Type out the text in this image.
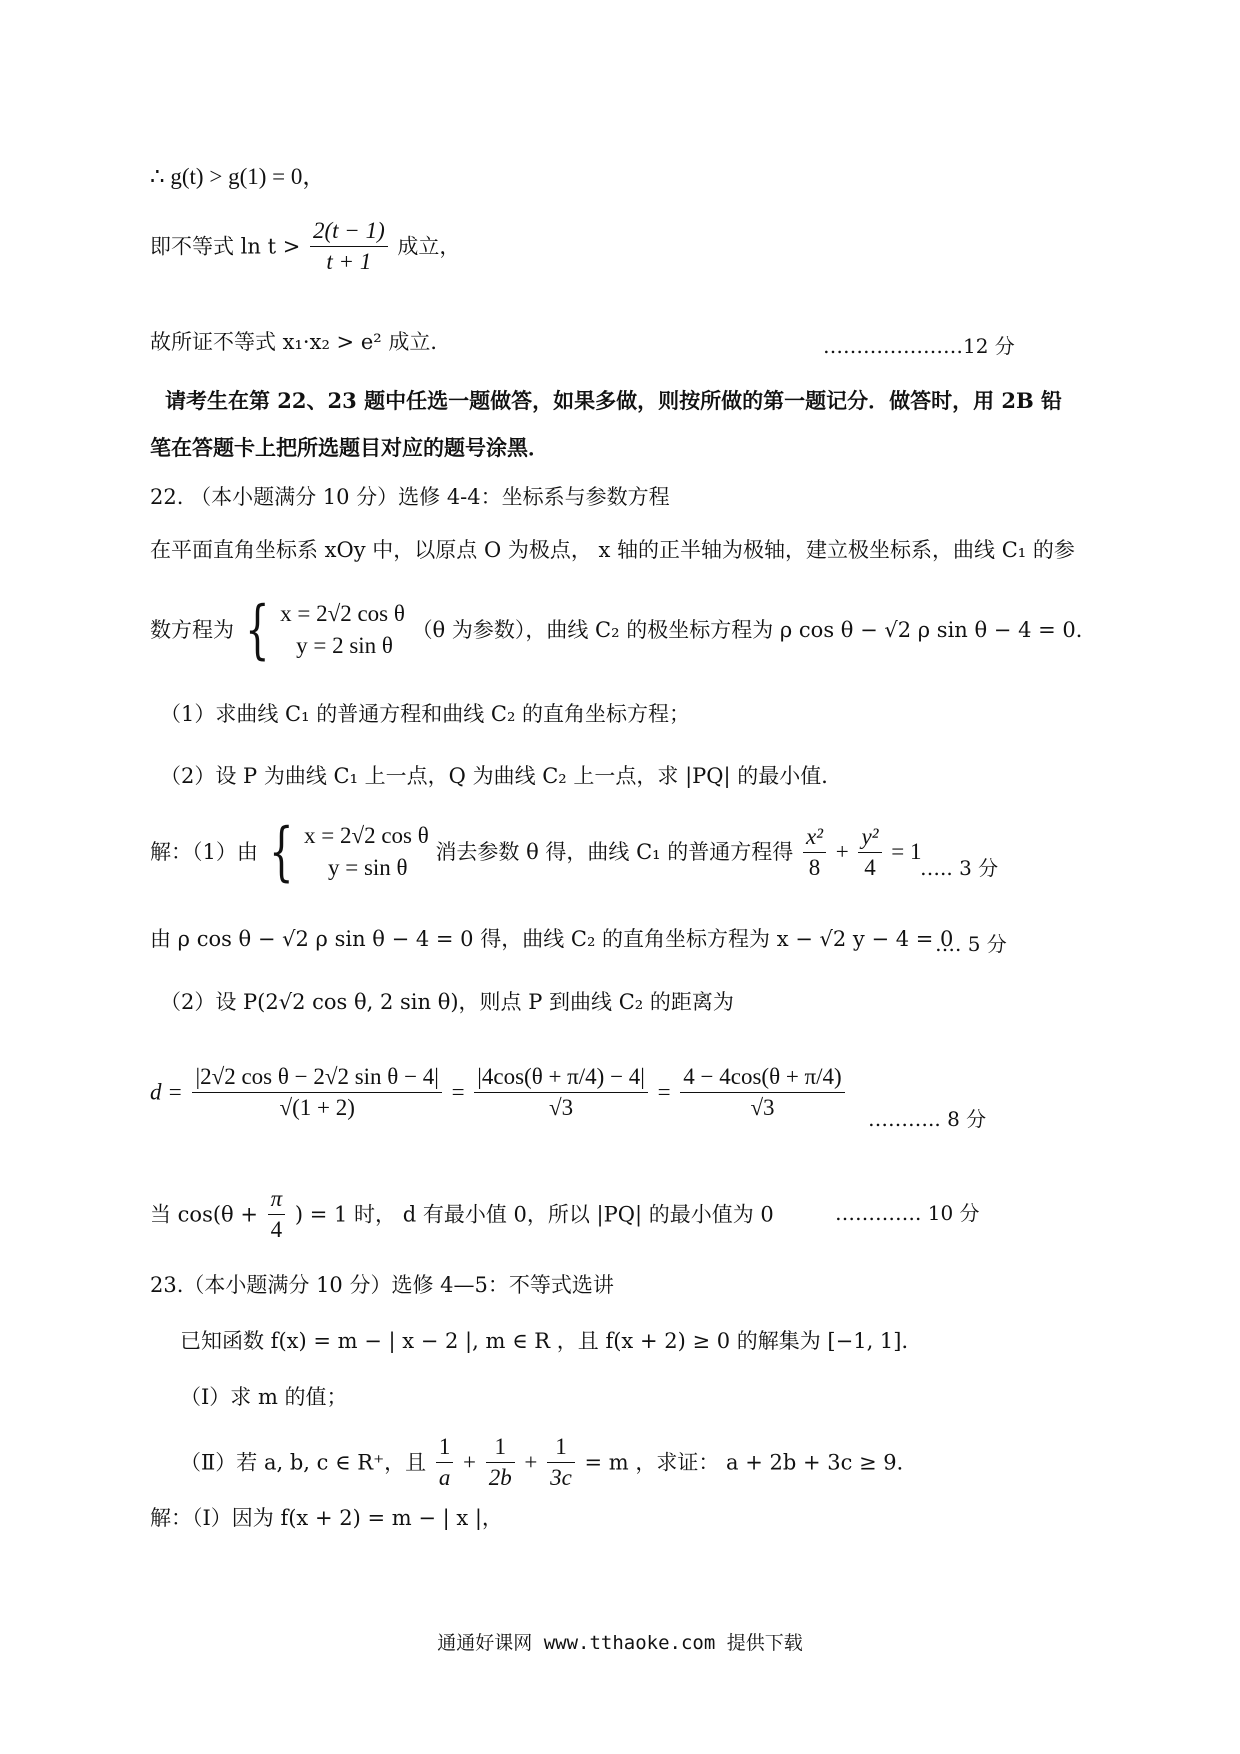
∴ g(t) > g(1) = 0，
即不等式 $\ln t > \frac{2(t - 1)}{t + 1}$ 成立，
故所证不等式 x₁·x₂ > e² 成立．	…………………12 分
请考生在第 22、23 题中任选一题做答，如果多做，则按所做的第一题记分．做答时，用 2B 铅
笔在答题卡上把所选题目对应的题号涂黑．
22. （本小题满分 10 分）选修 4-4：坐标系与参数方程
在平面直角坐标系 xOy 中，以原点 O 为极点， x 轴的正半轴为极轴，建立极坐标系，曲线 C₁ 的参
数方程为 { x = 2√2 cos θ
y = 2 sin θ
（θ 为参数），曲线 C₂ 的极坐标方程为 ρ cos θ − √2 ρ sin θ − 4 = 0．
（1）求曲线 C₁ 的普通方程和曲线 C₂ 的直角坐标方程；
（2）设 P 为曲线 C₁ 上一点，Q 为曲线 C₂ 上一点，求 |PQ| 的最小值．
解：（1）由 { x = 2√2 cos θ
y = sin θ
消去参数 θ 得，曲线 C₁ 的普通方程得 $\frac{\text{x²}}{8} + \frac{\text{y²}}{4} = 1$
….. 3 分
由 ρ cos θ − √2 ρ sin θ − 4 = 0 得，曲线 C₂ 的直角坐标方程为 x − √2 y − 4 = 0
…. 5 分
（2）设 P(2√2 cos θ, 2 sin θ)，则点 P 到曲线 C₂ 的距离为
$d = \frac{\text{|2√2 cos θ − 2√2 sin θ − 4|}}{√(1 + 2)} = \frac{|4\cos(\theta + \pi/4) - 4|}{√3} = \frac{4 - 4\cos(\theta + \pi/4)}{√3}$ ……….. 8 分
当 $\cos(\theta + \frac{\pi}{4}$ ) = 1 时， d 有最小值 0，所以 |PQ| 的最小值为 0	…………. 10 分
23.（本小题满分 10 分）选修 4—5：不等式选讲
已知函数 f(x) = m − | x − 2 |, m ∈ R ，且 f(x + 2) ≥ 0 的解集为 [−1, 1]．
（Ⅰ）求 m 的值；
（Ⅱ）若 a, b, c ∈ R⁺，且 $\frac{1}{a} + \frac{1}{2b} + \frac{1}{3c} = m$ ，求证： a + 2b + 3c ≥ 9．
解：（Ⅰ）因为 f(x + 2) = m − | x |，
通通好课网 www.tthaoke.com 提供下载
